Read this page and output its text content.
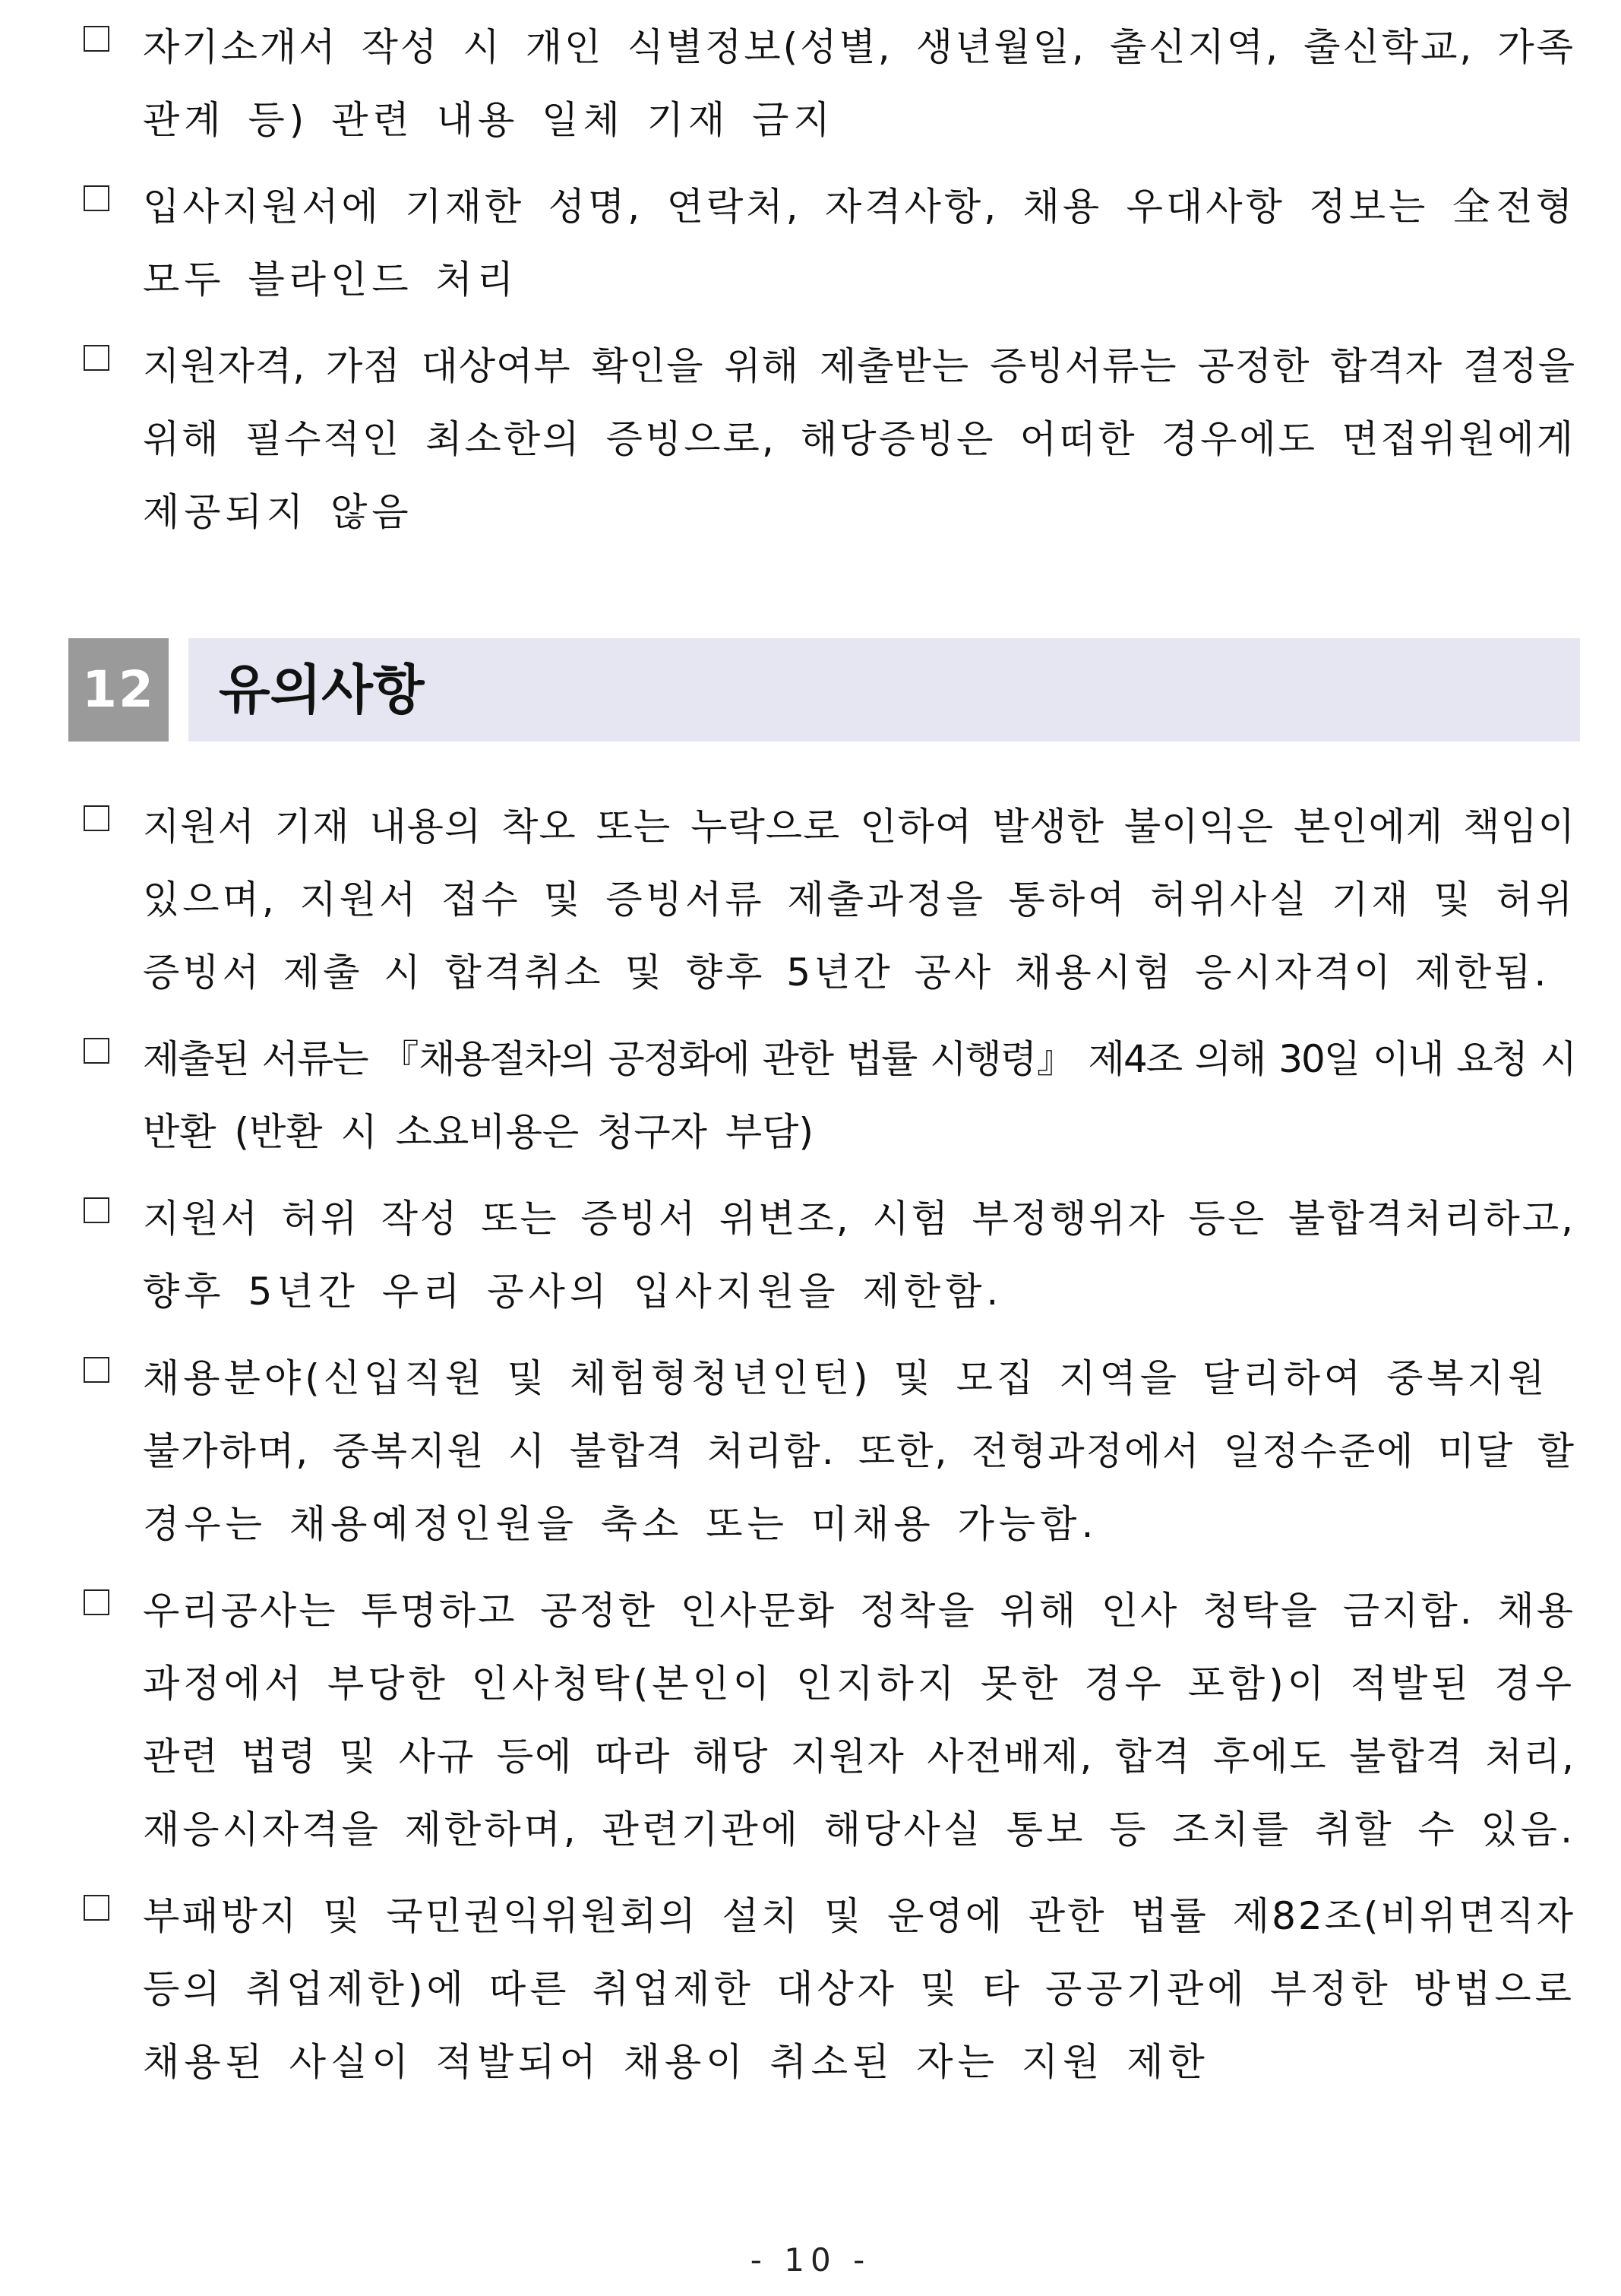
자기소개서 작성 시 개인 식별정보(성별, 생년월일, 출신지역, 출신학교, 가족
관계 등) 관련 내용 일체 기재 금지
입사지원서에 기재한 성명, 연락처, 자격사항, 채용 우대사항 정보는 全전형
모두 블라인드 처리
지원자격, 가점 대상여부 확인을 위해 제출받는 증빙서류는 공정한 합격자 결정을
위해 필수적인 최소한의 증빙으로, 해당증빙은 어떠한 경우에도 면접위원에게
제공되지 않음
12 유의사항
지원서 기재 내용의 착오 또는 누락으로 인하여 발생한 불이익은 본인에게 책임이
있으며, 지원서 접수 및 증빙서류 제출과정을 통하여 허위사실 기재 및 허위
증빙서 제출 시 합격취소 및 향후 5년간 공사 채용시험 응시자격이 제한됨.
제출된 서류는 『채용절차의 공정화에 관한 법률 시행령』 제4조 의해 30일 이내 요청 시
반환 (반환 시 소요비용은 청구자 부담)
지원서 허위 작성 또는 증빙서 위변조, 시험 부정행위자 등은 불합격처리하고,
향후 5년간 우리 공사의 입사지원을 제한함.
채용분야(신입직원 및 체험형청년인턴) 및 모집 지역을 달리하여 중복지원
불가하며, 중복지원 시 불합격 처리함. 또한, 전형과정에서 일정수준에 미달 할
경우는 채용예정인원을 축소 또는 미채용 가능함.
우리공사는 투명하고 공정한 인사문화 정착을 위해 인사 청탁을 금지함. 채용
과정에서 부당한 인사청탁(본인이 인지하지 못한 경우 포함)이 적발된 경우
관련 법령 및 사규 등에 따라 해당 지원자 사전배제, 합격 후에도 불합격 처리,
재응시자격을 제한하며, 관련기관에 해당사실 통보 등 조치를 취할 수 있음.
부패방지 및 국민권익위원회의 설치 및 운영에 관한 법률 제82조(비위면직자
등의 취업제한)에 따른 취업제한 대상자 및 타 공공기관에 부정한 방법으로
채용된 사실이 적발되어 채용이 취소된 자는 지원 제한
- 10 -
